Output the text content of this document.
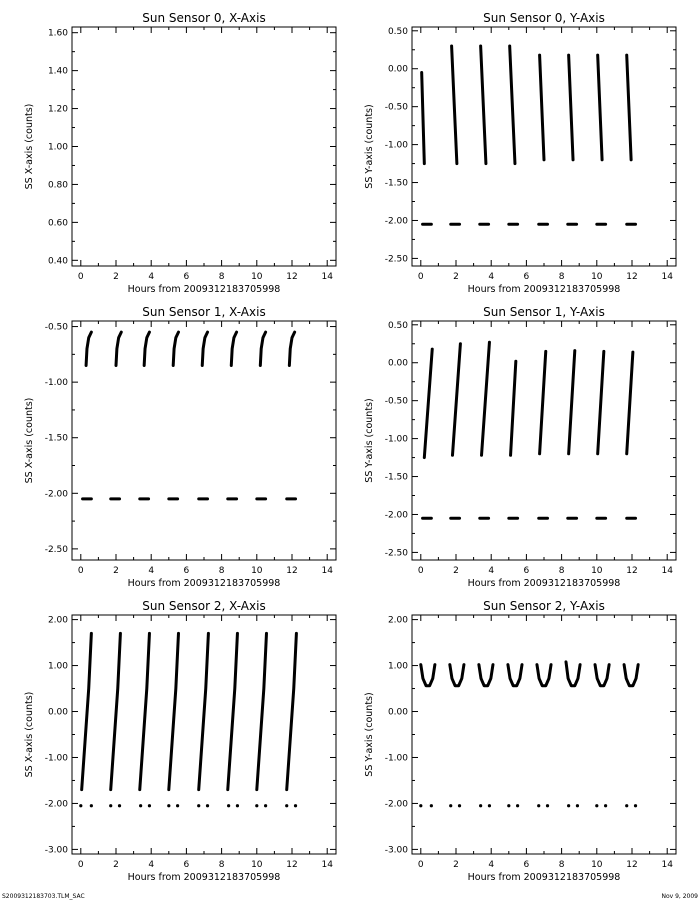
S2009312183703.TLM_SAC	Nov 9, 2009
Sun Sensor 0, X-Axis
0	2	4	6	8	10	12	14
0.40
0.60
0.80
1.00
1.20
1.40
1.60
Hours from 2009312183705998
SS X-axis (counts)
Sun Sensor 0, Y-Axis
0	2	4	6	8	10	12	14
0.50
0.00
-0.50
-1.00
-1.50
-2.00
-2.50
Hours from 2009312183705998
SS Y-axis (counts)
Sun Sensor 1, X-Axis
0	2	4	6	8	10	12	14
-0.50
-1.00
-1.50
-2.00
-2.50
Hours from 2009312183705998
SS X-axis (counts)
Sun Sensor 1, Y-Axis
0	2	4	6	8	10	12	14
0.50
0.00
-0.50
-1.00
-1.50
-2.00
-2.50
Hours from 2009312183705998
SS Y-axis (counts)
Sun Sensor 2, X-Axis
0	2	4	6	8	10	12	14
2.00
1.00
0.00
-1.00
-2.00
-3.00
Hours from 2009312183705998
SS X-axis (counts)
Sun Sensor 2, Y-Axis
0	2	4	6	8	10	12	14
2.00
1.00
0.00
-1.00
-2.00
-3.00
Hours from 2009312183705998
SS Y-axis (counts)
